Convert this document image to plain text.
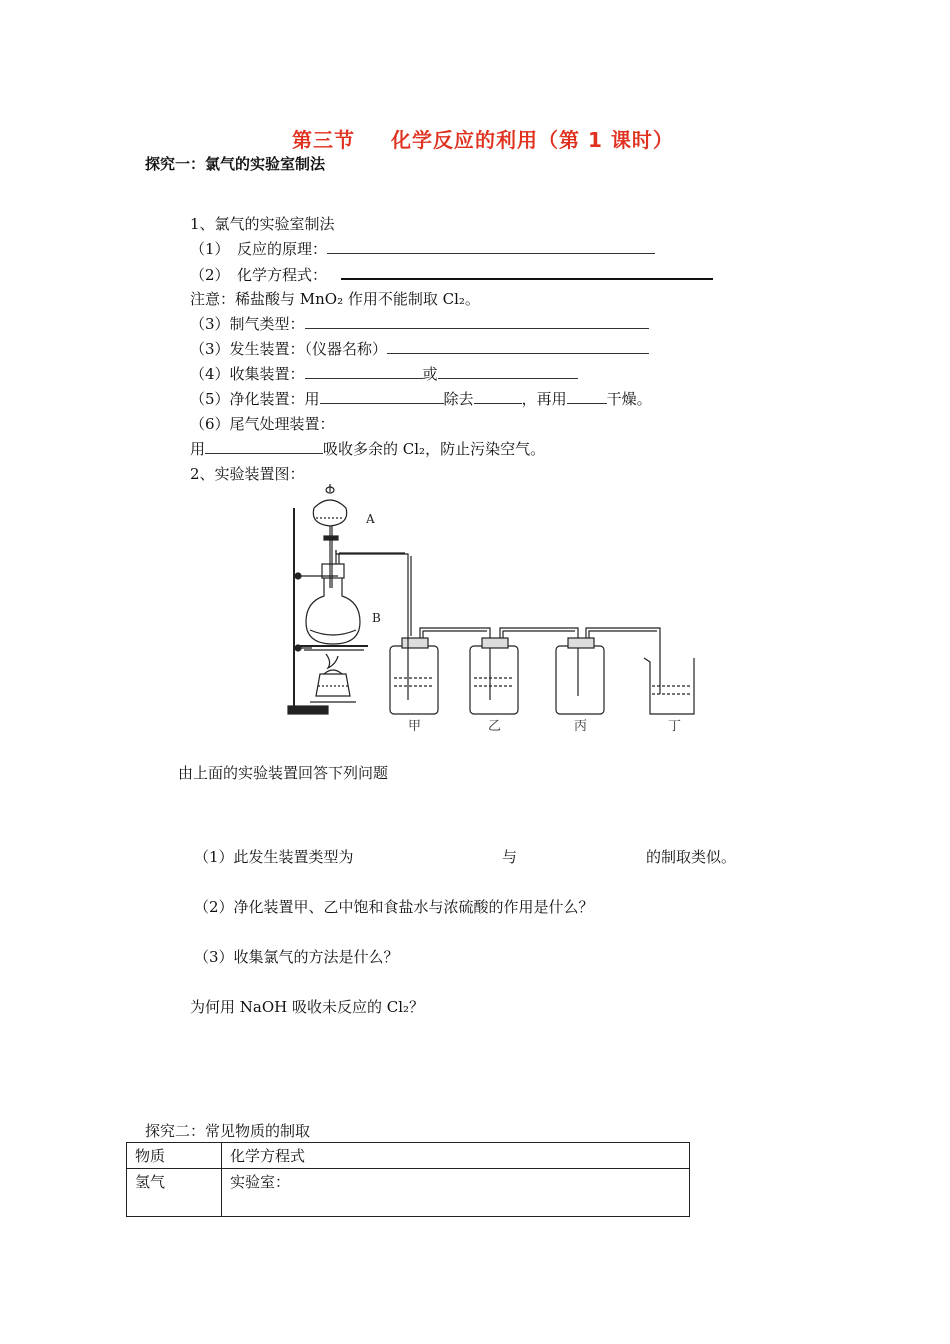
第三节 化学反应的利用（第 1 课时）
探究一：氯气的实验室制法
1、氯气的实验室制法
（1）　反应的原理：
（2）　化学方程式：
注意：稀盐酸与 MnO₂ 作用不能制取 Cl₂。
（3）制气类型：
（3）发生装置：（仪器名称）
（4）收集装置：	或
（5）净化装置：用	除去	，再用	干燥。
（6）尾气处理装置：
用	吸收多余的 Cl₂，防止污染空气。
2、实验装置图：
A
B
甲	乙	丙	丁
由上面的实验装置回答下列问题
（1）此发生装置类型为	与	的制取类似。
（2）净化装置甲、乙中饱和食盐水与浓硫酸的作用是什么？
（3）收集氯气的方法是什么？
为何用 NaOH 吸收未反应的 Cl₂？
探究二：常见物质的制取
物质	化学方程式
氢气	实验室：
